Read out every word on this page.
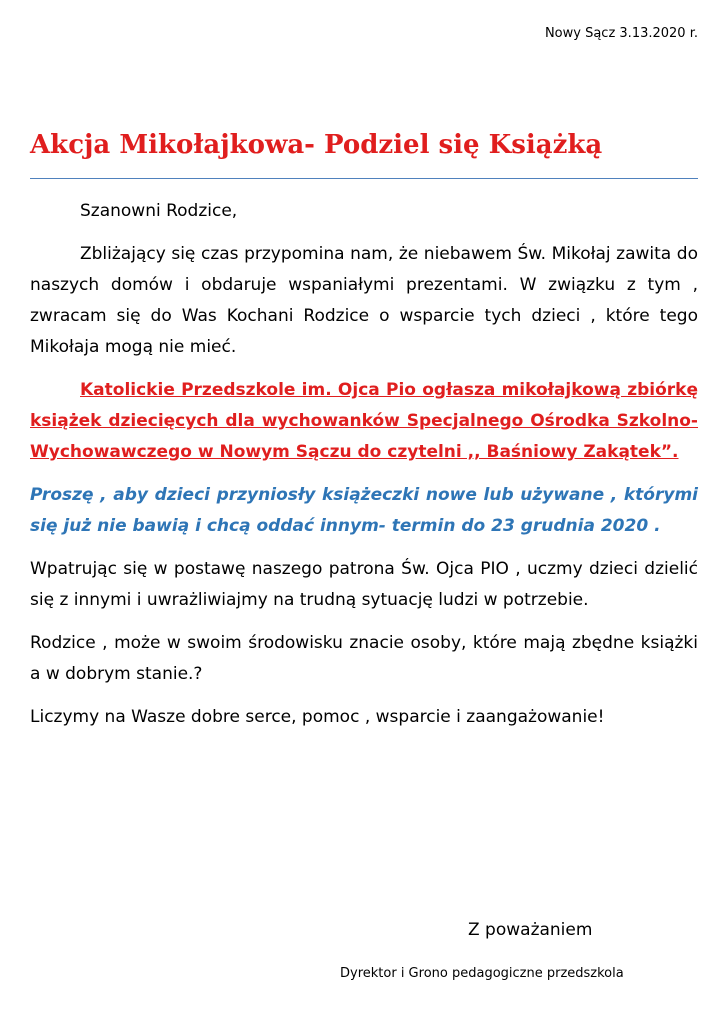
Nowy Sącz 3.13.2020 r.
Akcja Mikołajkowa- Podziel się Książką

Szanowni Rodzice,

Zbliżający się czas przypomina nam, że niebawem Św. Mikołaj zawita do naszych domów i obdaruje wspaniałymi prezentami. W związku z tym , zwracam się do Was Kochani Rodzice o wsparcie tych dzieci , które tego Mikołaja mogą nie mieć.

Katolickie Przedszkole im. Ojca Pio ogłasza mikołajkową zbiórkę książek dziecięcych dla wychowanków Specjalnego Ośrodka Szkolno-Wychowawczego w Nowym Sączu do czytelni ,, Baśniowy Zakątek”.

Proszę , aby dzieci przyniosły książeczki nowe lub używane , którymi się już nie bawią i chcą oddać innym- termin do 23 grudnia 2020 .

Wpatrując się w postawę naszego patrona Św. Ojca PIO , uczmy dzieci dzielić się z innymi i uwrażliwiajmy na trudną sytuację ludzi w potrzebie.

Rodzice , może w swoim środowisku znacie osoby, które mają zbędne książki a w dobrym stanie.?

Liczymy na Wasze dobre serce, pomoc , wsparcie i zaangażowanie!

Z poważaniem
Dyrektor i Grono pedagogiczne przedszkola
